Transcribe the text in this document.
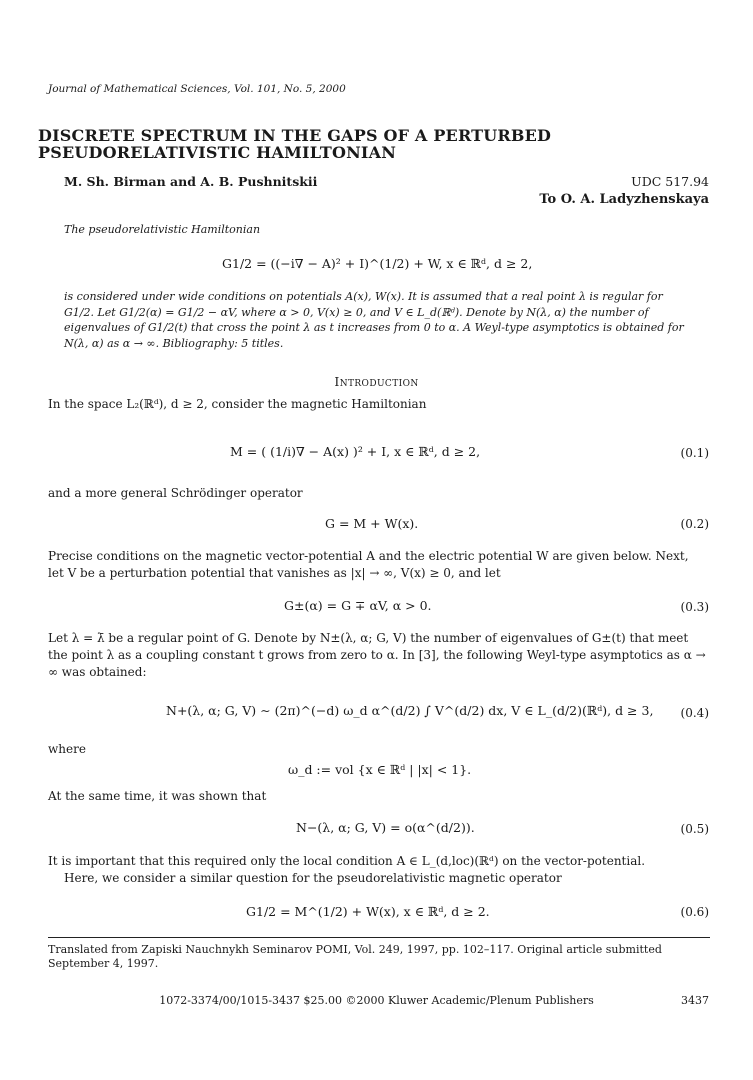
Journal of Mathematical Sciences, Vol. 101, No. 5, 2000
DISCRETE SPECTRUM IN THE GAPS OF A PERTURBED
PSEUDORELATIVISTIC HAMILTONIAN
M. Sh. Birman and A. B. Pushnitskii	UDC 517.94
To O. A. Ladyzhenskaya
The pseudorelativistic Hamiltonian
G1/2 = ((−i∇ − A)² + I)^(1/2) + W, x ∈ ℝᵈ, d ≥ 2,
is considered under wide conditions on potentials A(x), W(x). It is assumed that a real point λ is regular for G1/2. Let G1/2(α) = G1/2 − αV, where α > 0, V(x) ≥ 0, and V ∈ L_d(ℝᵈ). Denote by N(λ, α) the number of eigenvalues of G1/2(t) that cross the point λ as t increases from 0 to α. A Weyl-type asymptotics is obtained for N(λ, α) as α → ∞. Bibliography: 5 titles.
Introduction
In the space L₂(ℝᵈ), d ≥ 2, consider the magnetic Hamiltonian
M = ( (1/i)∇ − A(x) )² + I, x ∈ ℝᵈ, d ≥ 2,	(0.1)
and a more general Schrödinger operator
G = M + W(x).	(0.2)
Precise conditions on the magnetic vector-potential A and the electric potential W are given below. Next, let V be a perturbation potential that vanishes as |x| → ∞, V(x) ≥ 0, and let
G±(α) = G ∓ αV, α > 0.	(0.3)
Let λ = λ̄ be a regular point of G. Denote by N±(λ, α; G, V) the number of eigenvalues of G±(t) that meet the point λ as a coupling constant t grows from zero to α. In [3], the following Weyl-type asymptotics as α → ∞ was obtained:
N+(λ, α; G, V) ∼ (2π)^(−d) ω_d α^(d/2) ∫ V^(d/2) dx, V ∈ L_(d/2)(ℝᵈ), d ≥ 3, (0.4)
where
ω_d := vol {x ∈ ℝᵈ | |x| < 1}.
At the same time, it was shown that
N−(λ, α; G, V) = o(α^(d/2)).	(0.5)
It is important that this required only the local condition A ∈ L_(d,loc)(ℝᵈ) on the vector-potential.
Here, we consider a similar question for the pseudorelativistic magnetic operator
G1/2 = M^(1/2) + W(x), x ∈ ℝᵈ, d ≥ 2.	(0.6)
Translated from Zapiski Nauchnykh Seminarov POMI, Vol. 249, 1997, pp. 102–117. Original article submitted September 4, 1997.
1072-3374/00/1015-3437 $25.00 ©2000 Kluwer Academic/Plenum Publishers	3437
